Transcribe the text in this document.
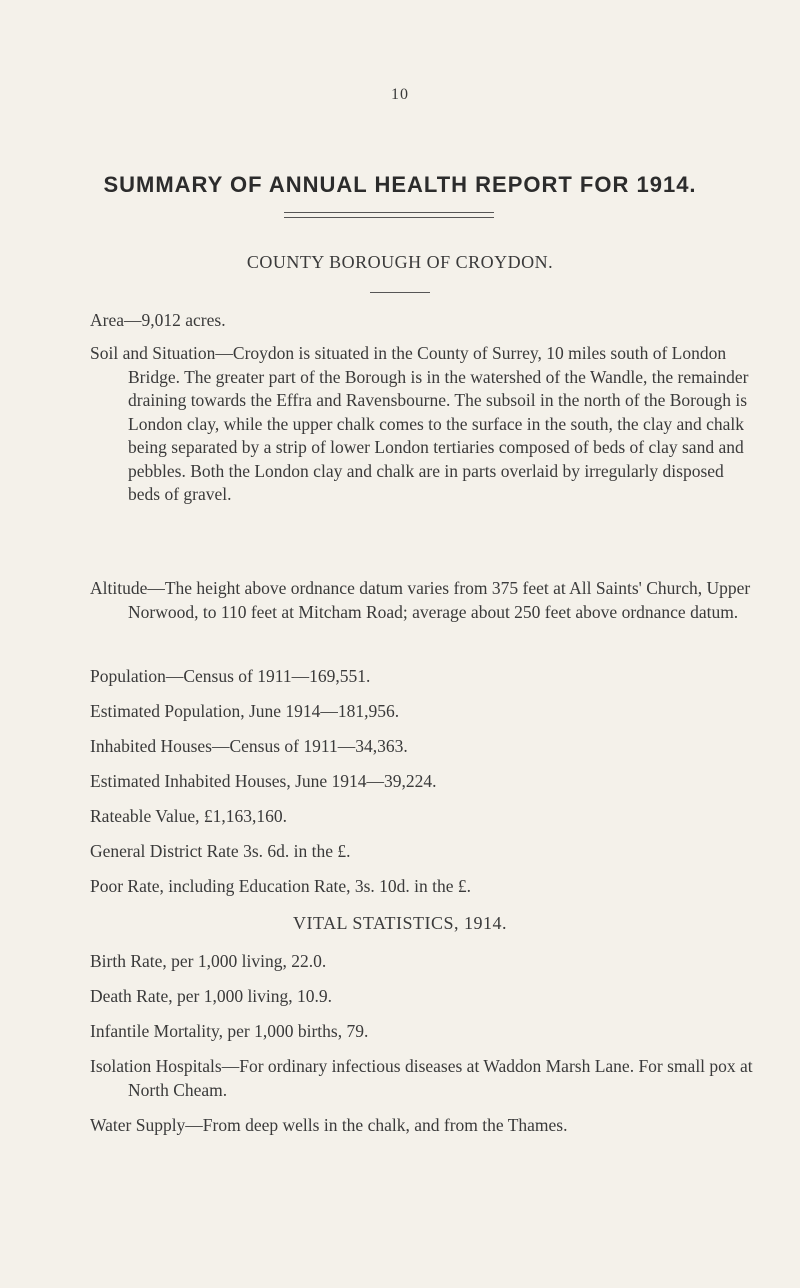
10
SUMMARY OF ANNUAL HEALTH REPORT FOR 1914.
COUNTY BOROUGH OF CROYDON.
Area—9,012 acres.
Soil and Situation—Croydon is situated in the County of Surrey, 10 miles south of London Bridge. The greater part of the Borough is in the watershed of the Wandle, the remainder draining towards the Effra and Ravensbourne. The subsoil in the north of the Borough is London clay, while the upper chalk comes to the surface in the south, the clay and chalk being separated by a strip of lower London tertiaries composed of beds of clay sand and pebbles. Both the London clay and chalk are in parts overlaid by irregularly disposed beds of gravel.
Altitude—The height above ordnance datum varies from 375 feet at All Saints' Church, Upper Norwood, to 110 feet at Mitcham Road; average about 250 feet above ordnance datum.
Population—Census of 1911—169,551.
Estimated Population, June 1914—181,956.
Inhabited Houses—Census of 1911—34,363.
Estimated Inhabited Houses, June 1914—39,224.
Rateable Value, £1,163,160.
General District Rate 3s. 6d. in the £.
Poor Rate, including Education Rate, 3s. 10d. in the £.
VITAL STATISTICS, 1914.
Birth Rate, per 1,000 living, 22.0.
Death Rate, per 1,000 living, 10.9.
Infantile Mortality, per 1,000 births, 79.
Isolation Hospitals—For ordinary infectious diseases at Waddon Marsh Lane. For small pox at North Cheam.
Water Supply—From deep wells in the chalk, and from the Thames.
